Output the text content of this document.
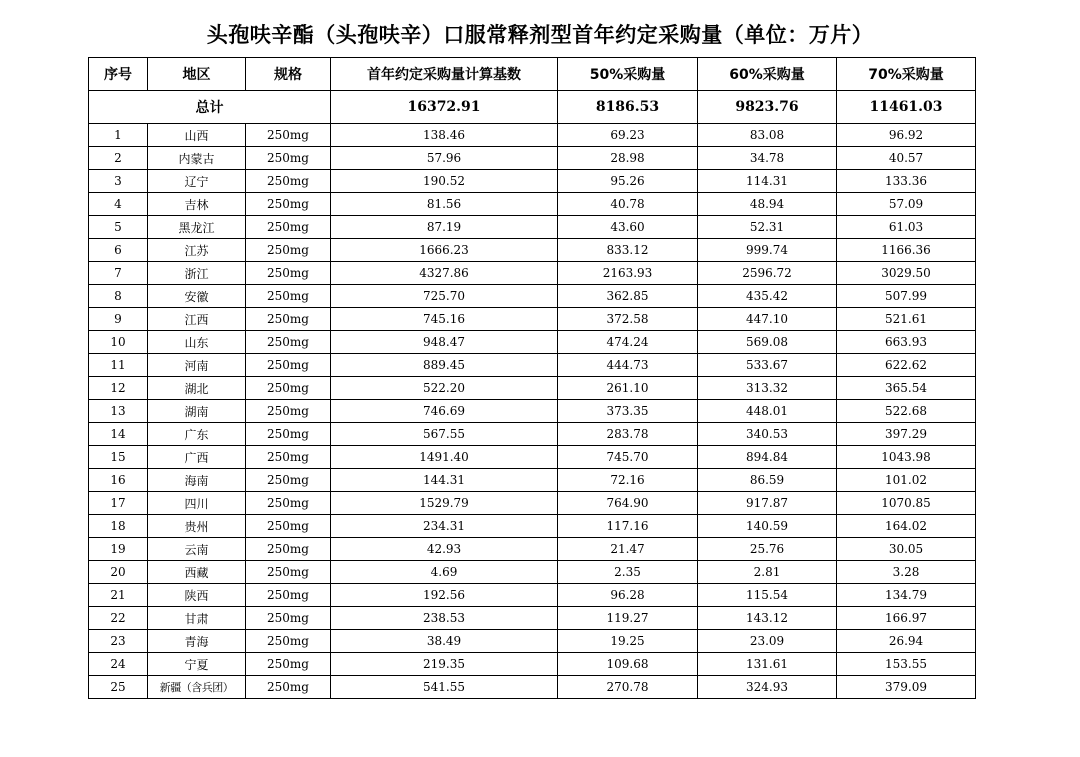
头孢呋辛酯（头孢呋辛）口服常释剂型首年约定采购量（单位：万片）
序号	地区	规格	首年约定采购量计算基数	50%采购量	60%采购量	70%采购量
总计			16372.91	8186.53	9823.76	11461.03
1	山西	250mg	138.46	69.23	83.08	96.92
2	内蒙古	250mg	57.96	28.98	34.78	40.57
3	辽宁	250mg	190.52	95.26	114.31	133.36
4	吉林	250mg	81.56	40.78	48.94	57.09
5	黑龙江	250mg	87.19	43.60	52.31	61.03
6	江苏	250mg	1666.23	833.12	999.74	1166.36
7	浙江	250mg	4327.86	2163.93	2596.72	3029.50
8	安徽	250mg	725.70	362.85	435.42	507.99
9	江西	250mg	745.16	372.58	447.10	521.61
10	山东	250mg	948.47	474.24	569.08	663.93
11	河南	250mg	889.45	444.73	533.67	622.62
12	湖北	250mg	522.20	261.10	313.32	365.54
13	湖南	250mg	746.69	373.35	448.01	522.68
14	广东	250mg	567.55	283.78	340.53	397.29
15	广西	250mg	1491.40	745.70	894.84	1043.98
16	海南	250mg	144.31	72.16	86.59	101.02
17	四川	250mg	1529.79	764.90	917.87	1070.85
18	贵州	250mg	234.31	117.16	140.59	164.02
19	云南	250mg	42.93	21.47	25.76	30.05
20	西藏	250mg	4.69	2.35	2.81	3.28
21	陕西	250mg	192.56	96.28	115.54	134.79
22	甘肃	250mg	238.53	119.27	143.12	166.97
23	青海	250mg	38.49	19.25	23.09	26.94
24	宁夏	250mg	219.35	109.68	131.61	153.55
25	新疆（含兵团）	250mg	541.55	270.78	324.93	379.09
